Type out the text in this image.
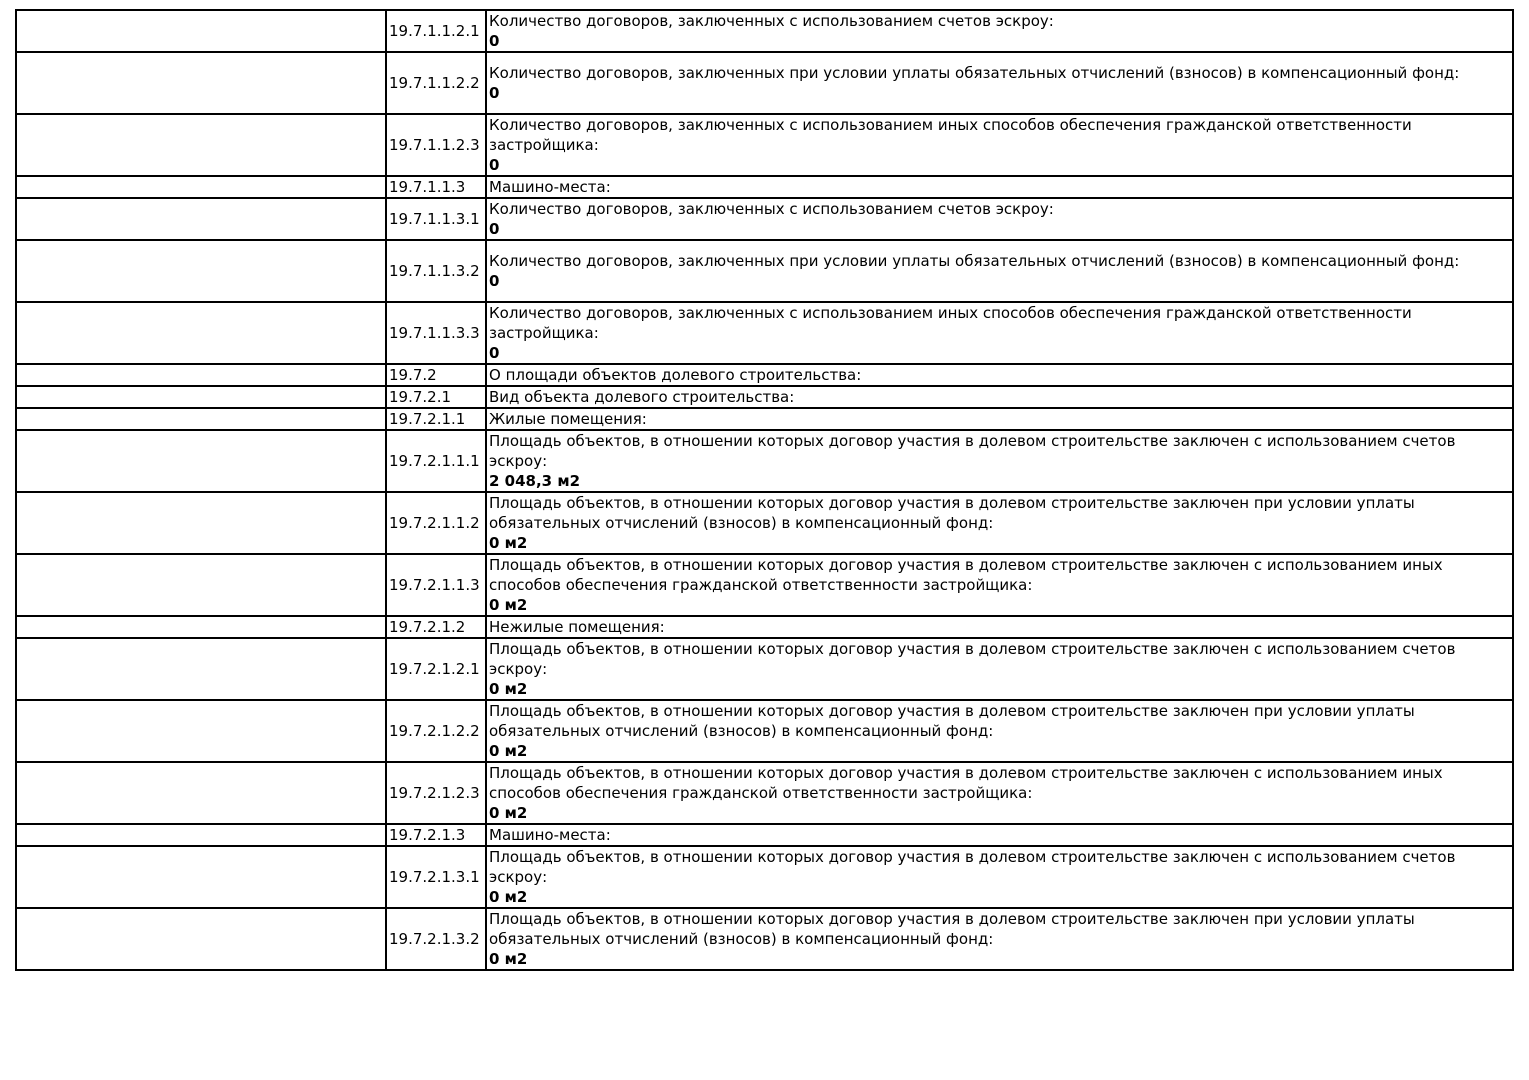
	19.7.1.1.2.1	Количество договоров, заключенных с использованием счетов эскроу:
0

	19.7.1.1.2.2	Количество договоров, заключенных при условии уплаты обязательных отчислений (взносов) в компенсационный фонд:
0

	19.7.1.1.2.3	Количество договоров, заключенных с использованием иных способов обеспечения гражданской ответственности застройщика:
0

	19.7.1.1.3	Машино-места:

	19.7.1.1.3.1	Количество договоров, заключенных с использованием счетов эскроу:
0

	19.7.1.1.3.2	Количество договоров, заключенных при условии уплаты обязательных отчислений (взносов) в компенсационный фонд:
0

	19.7.1.1.3.3	Количество договоров, заключенных с использованием иных способов обеспечения гражданской ответственности застройщика:
0

	19.7.2	О площади объектов долевого строительства:

	19.7.2.1	Вид объекта долевого строительства:

	19.7.2.1.1	Жилые помещения:

	19.7.2.1.1.1	Площадь объектов, в отношении которых договор участия в долевом строительстве заключен с использованием счетов эскроу:
2 048,3 м2

	19.7.2.1.1.2	Площадь объектов, в отношении которых договор участия в долевом строительстве заключен при условии уплаты обязательных отчислений (взносов) в компенсационный фонд:
0 м2

	19.7.2.1.1.3	Площадь объектов, в отношении которых договор участия в долевом строительстве заключен с использованием иных способов обеспечения гражданской ответственности застройщика:
0 м2

	19.7.2.1.2	Нежилые помещения:

	19.7.2.1.2.1	Площадь объектов, в отношении которых договор участия в долевом строительстве заключен с использованием счетов эскроу:
0 м2

	19.7.2.1.2.2	Площадь объектов, в отношении которых договор участия в долевом строительстве заключен при условии уплаты обязательных отчислений (взносов) в компенсационный фонд:
0 м2

	19.7.2.1.2.3	Площадь объектов, в отношении которых договор участия в долевом строительстве заключен с использованием иных способов обеспечения гражданской ответственности застройщика:
0 м2

	19.7.2.1.3	Машино-места:

	19.7.2.1.3.1	Площадь объектов, в отношении которых договор участия в долевом строительстве заключен с использованием счетов эскроу:
0 м2

	19.7.2.1.3.2	Площадь объектов, в отношении которых договор участия в долевом строительстве заключен при условии уплаты обязательных отчислений (взносов) в компенсационный фонд:
0 м2
